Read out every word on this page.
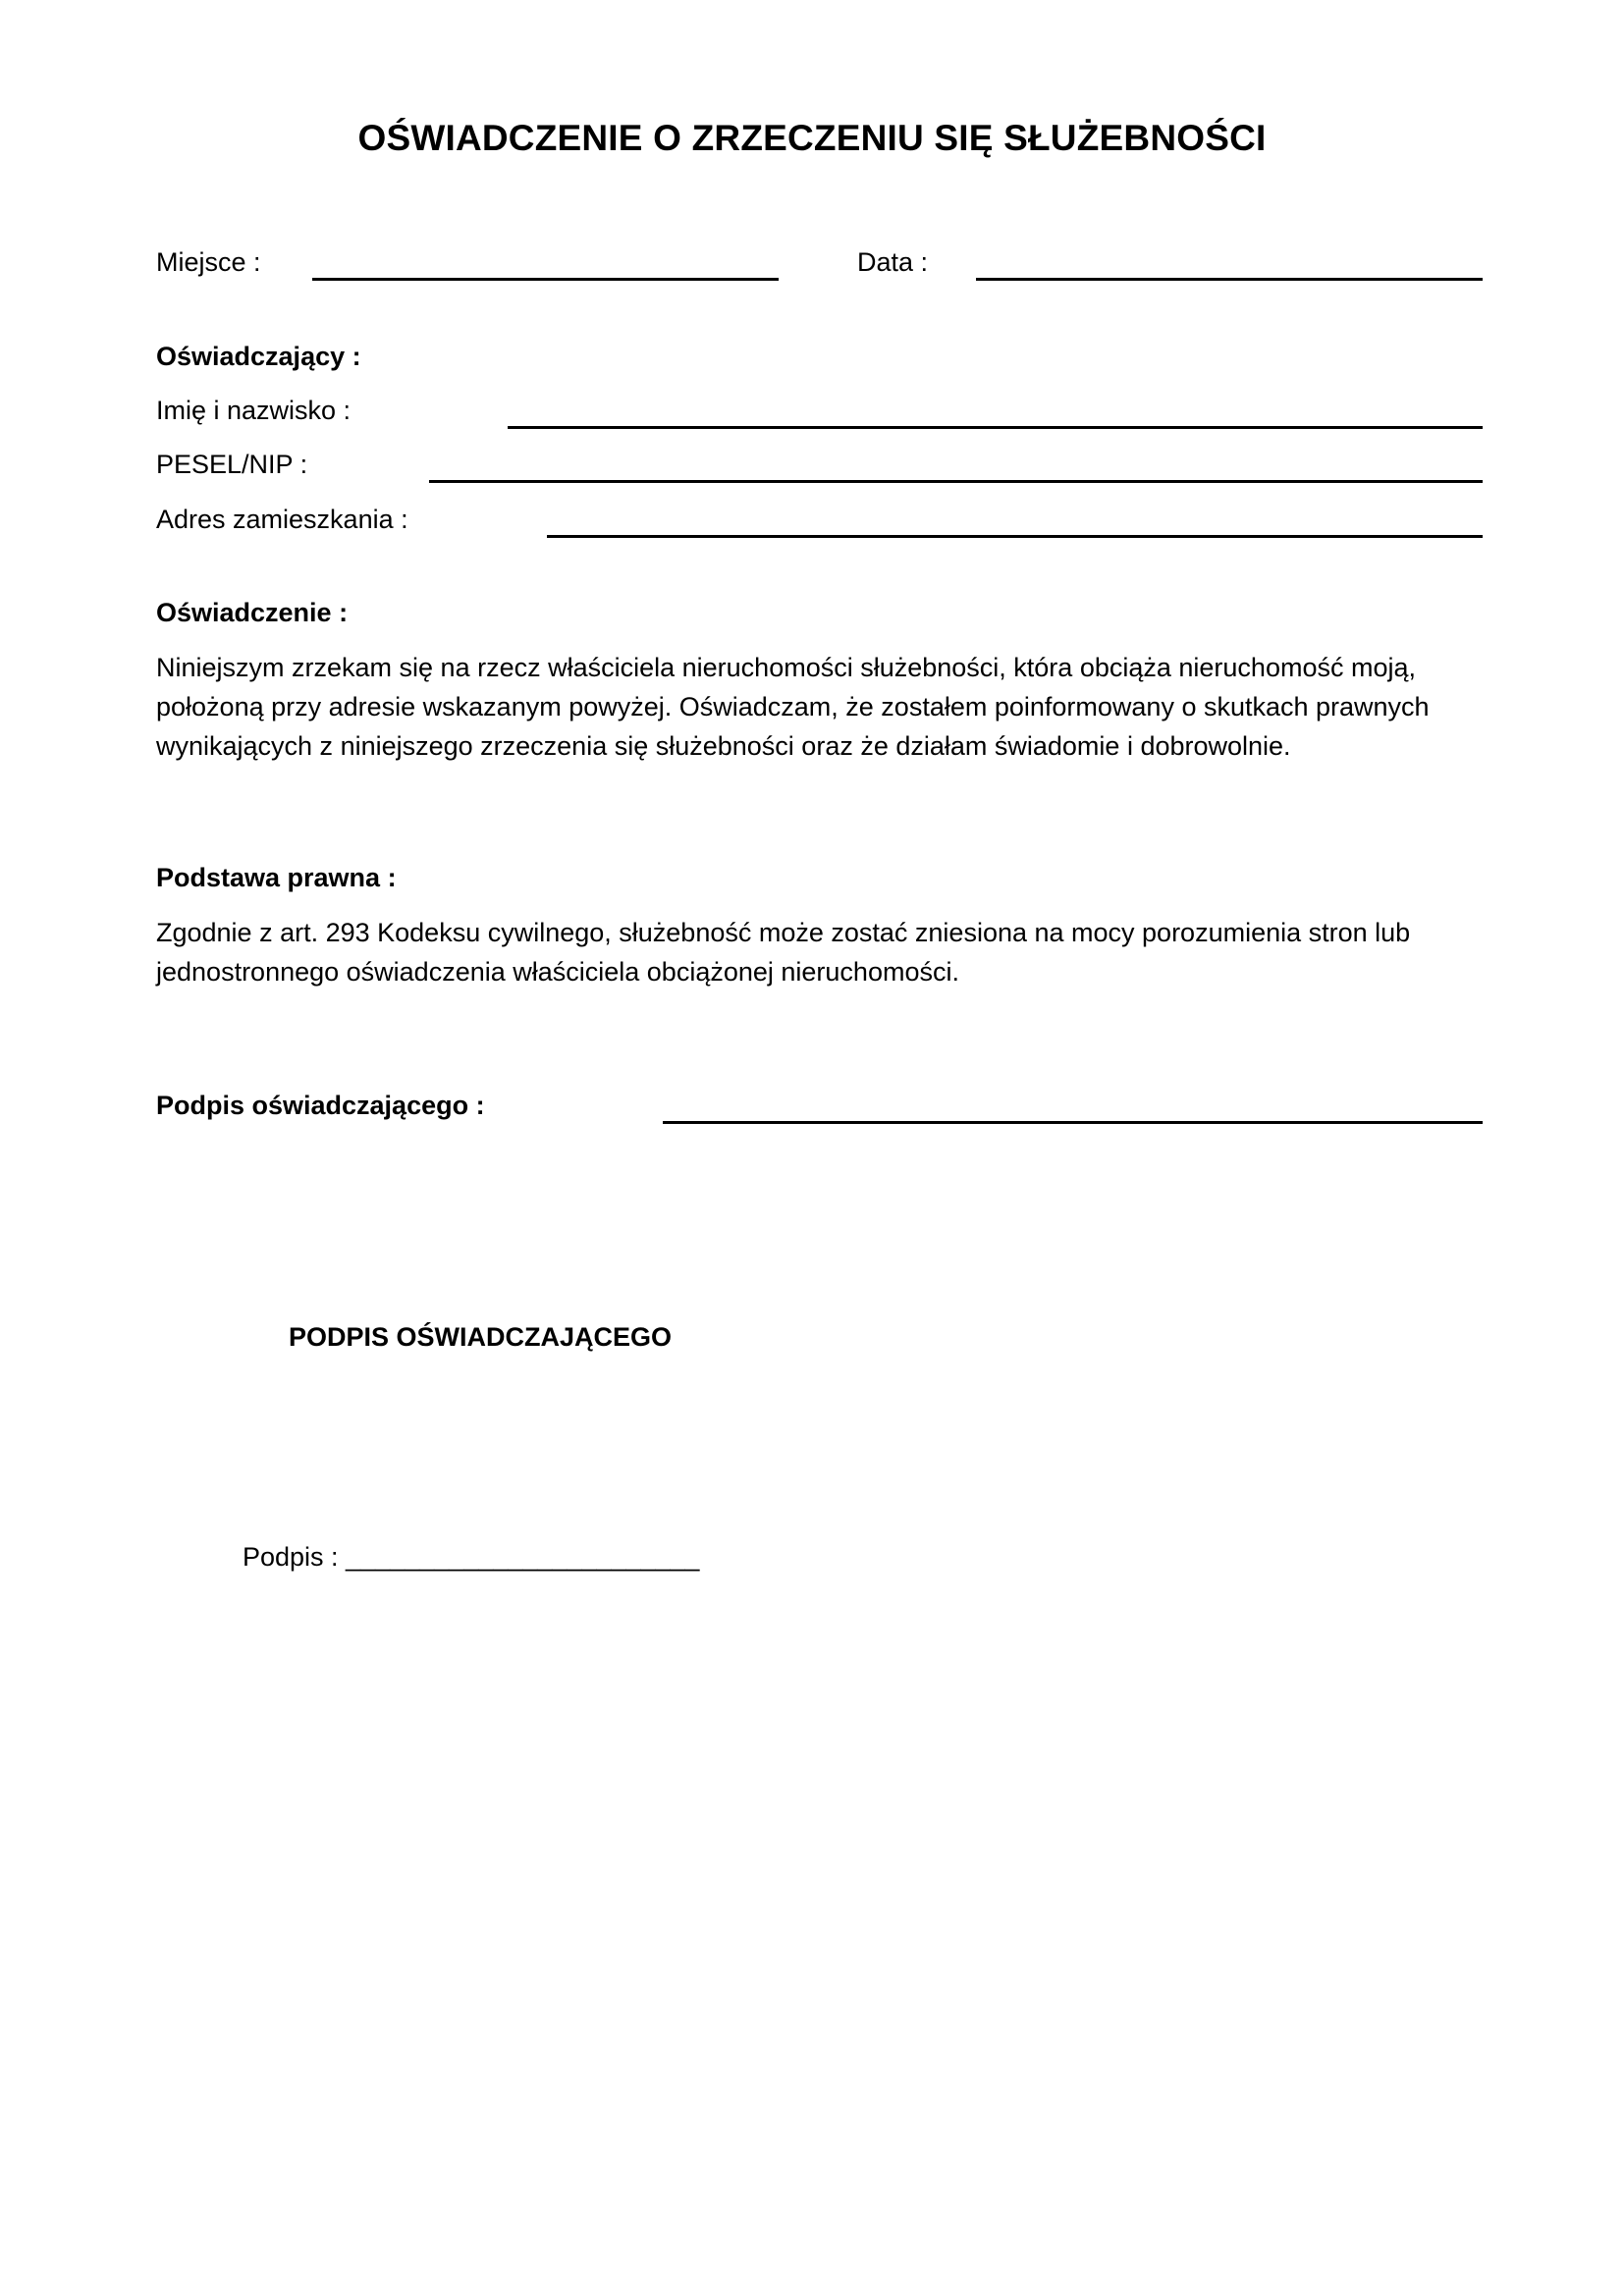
OŚWIADCZENIE O ZRZECZENIU SIĘ SŁUŻEBNOŚCI
Miejsce :	Data :
Oświadczający :
Imię i nazwisko :
PESEL/NIP :
Adres zamieszkania :
Oświadczenie :
Niniejszym zrzekam się na rzecz właściciela nieruchomości służebności, która obciąża nieruchomość moją, położoną przy adresie wskazanym powyżej. Oświadczam, że zostałem poinformowany o skutkach prawnych wynikających z niniejszego zrzeczenia się służebności oraz że działam świadomie i dobrowolnie.
Podstawa prawna :
Zgodnie z art. 293 Kodeksu cywilnego, służebność może zostać zniesiona na mocy porozumienia stron lub jednostronnego oświadczenia właściciela obciążonej nieruchomości.
Podpis oświadczającego :
PODPIS OŚWIADCZAJĄCEGO
Podpis : ________________________
